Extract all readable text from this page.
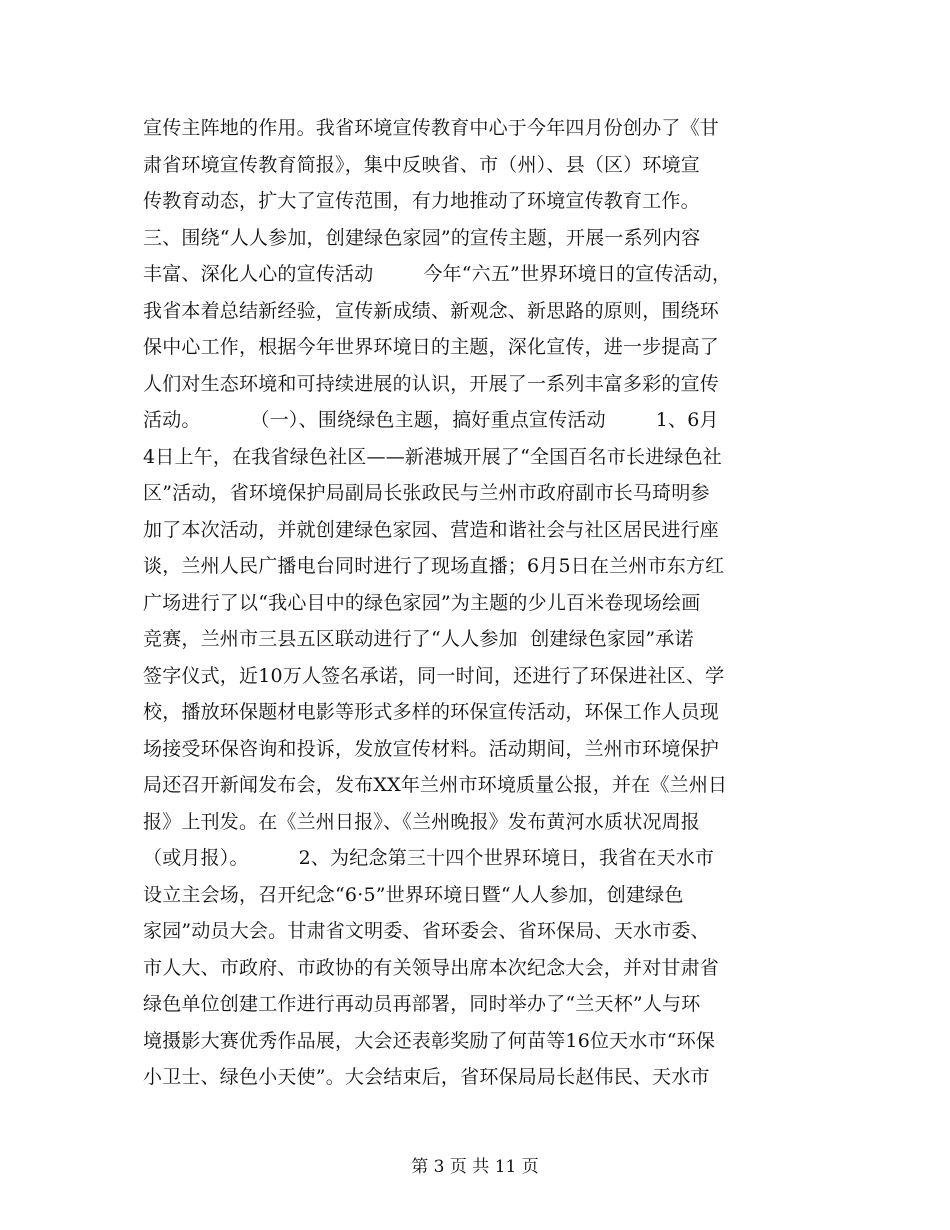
宣传主阵地的作用。我省环境宣传教育中心于今年四月份创办了《甘
肃省环境宣传教育简报》，集中反映省、市（州）、县（区）环境宣
传教育动态，扩大了宣传范围，有力地推动了环境宣传教育工作。
三、围绕“人人参加，创建绿色家园”的宣传主题，开展一系列内容
丰富、深化人心的宣传活动        今年“六五”世界环境日的宣传活动，
我省本着总结新经验，宣传新成绩、新观念、新思路的原则，围绕环
保中心工作，根据今年世界环境日的主题，深化宣传，进一步提高了
人们对生态环境和可持续进展的认识，开展了一系列丰富多彩的宣传
活动。        （一）、围绕绿色主题，搞好重点宣传活动        1、6月
4日上午，在我省绿色社区——新港城开展了“全国百名市长进绿色社
区”活动，省环境保护局副局长张政民与兰州市政府副市长马琦明参
加了本次活动，并就创建绿色家园、营造和谐社会与社区居民进行座
谈，兰州人民广播电台同时进行了现场直播；6月5日在兰州市东方红
广场进行了以“我心目中的绿色家园”为主题的少儿百米卷现场绘画
竞赛，兰州市三县五区联动进行了“人人参加  创建绿色家园”承诺
签字仪式，近10万人签名承诺，同一时间，还进行了环保进社区、学
校，播放环保题材电影等形式多样的环保宣传活动，环保工作人员现
场接受环保咨询和投诉，发放宣传材料。活动期间，兰州市环境保护
局还召开新闻发布会，发布XX年兰州市环境质量公报，并在《兰州日
报》上刊发。在《兰州日报》、《兰州晚报》发布黄河水质状况周报
（或月报）。        2、为纪念第三十四个世界环境日，我省在天水市
设立主会场，召开纪念“6·5”世界环境日暨“人人参加，创建绿色
家园”动员大会。甘肃省文明委、省环委会、省环保局、天水市委、
市人大、市政府、市政协的有关领导出席本次纪念大会，并对甘肃省
绿色单位创建工作进行再动员再部署，同时举办了“兰天杯”人与环
境摄影大赛优秀作品展，大会还表彰奖励了何苗等16位天水市“环保
小卫士、绿色小天使”。大会结束后，省环保局局长赵伟民、天水市
第 3 页 共 11 页
